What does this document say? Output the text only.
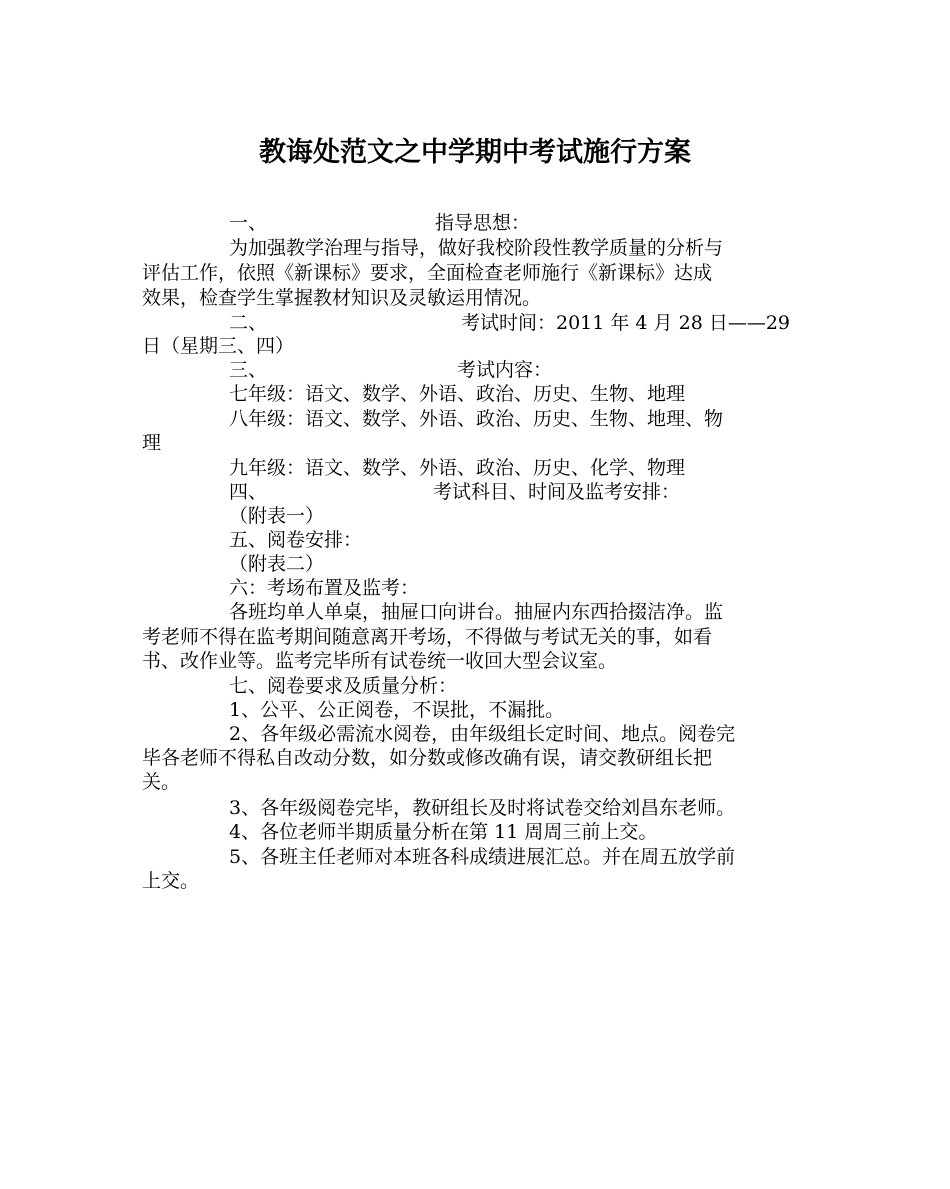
教诲处范文之中学期中考试施行方案
一、	指导思想：
为加强教学治理与指导，做好我校阶段性教学质量的分析与
评估工作，依照《新课标》要求，全面检查老师施行《新课标》达成
效果，检查学生掌握教材知识及灵敏运用情况。
二、	考试时间：2011 年 4 月 28 日——29
日（星期三、四）
三、	考试内容：
七年级：语文、数学、外语、政治、历史、生物、地理
八年级：语文、数学、外语、政治、历史、生物、地理、物
理
九年级：语文、数学、外语、政治、历史、化学、物理
四、	考试科目、时间及监考安排：
（附表一）
五、阅卷安排：
（附表二）
六：考场布置及监考：
各班均单人单桌，抽屉口向讲台。抽屉内东西拾掇洁净。监
考老师不得在监考期间随意离开考场，不得做与考试无关的事，如看
书、改作业等。监考完毕所有试卷统一收回大型会议室。
七、阅卷要求及质量分析：
1、公平、公正阅卷，不误批，不漏批。
2、各年级必需流水阅卷，由年级组长定时间、地点。阅卷完
毕各老师不得私自改动分数，如分数或修改确有误，请交教研组长把
关。
3、各年级阅卷完毕，教研组长及时将试卷交给刘昌东老师。
4、各位老师半期质量分析在第 11 周周三前上交。
5、各班主任老师对本班各科成绩进展汇总。并在周五放学前
上交。
